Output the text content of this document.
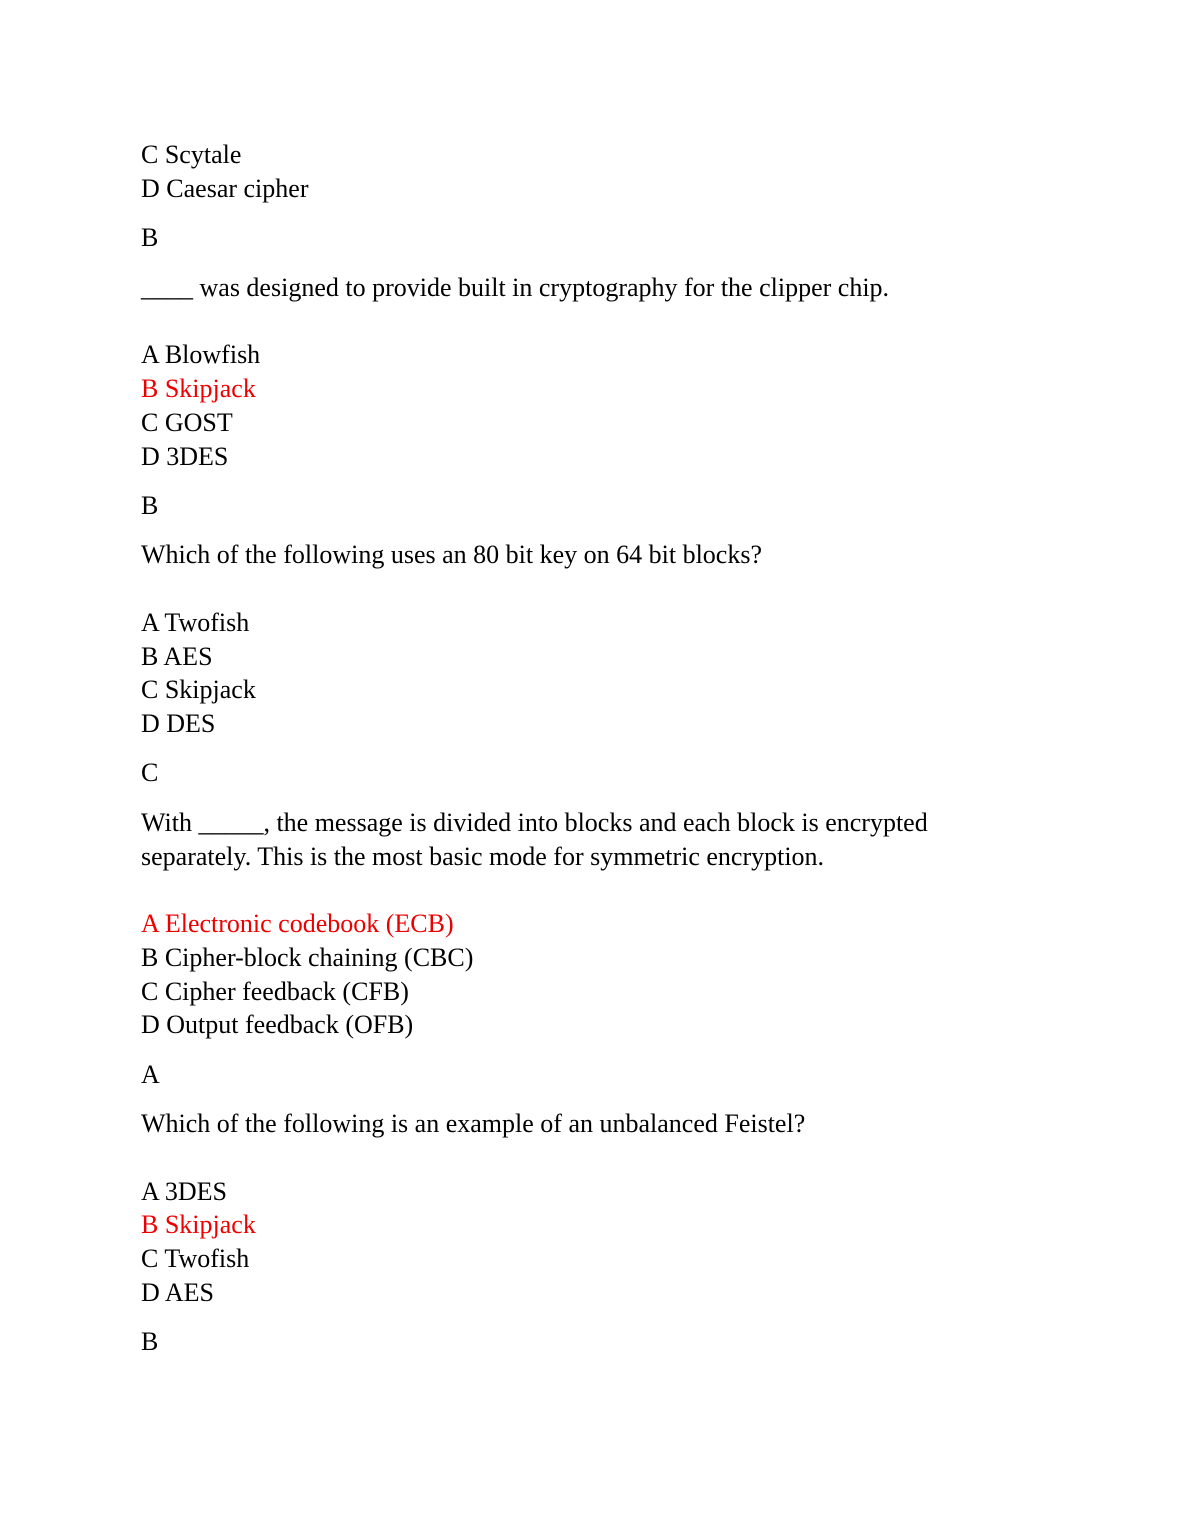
C Scytale
D Caesar cipher
B
____ was designed to provide built in cryptography for the clipper chip.
A Blowfish
B Skipjack
C GOST
D 3DES
B
Which of the following uses an 80 bit key on 64 bit blocks?
A Twofish
B AES
C Skipjack
D DES
C
With _____, the message is divided into blocks and each block is encrypted
separately. This is the most basic mode for symmetric encryption.
A Electronic codebook (ECB)
B Cipher-block chaining (CBC)
C Cipher feedback (CFB)
D Output feedback (OFB)
A
Which of the following is an example of an unbalanced Feistel?
A 3DES
B Skipjack
C Twofish
D AES
B
